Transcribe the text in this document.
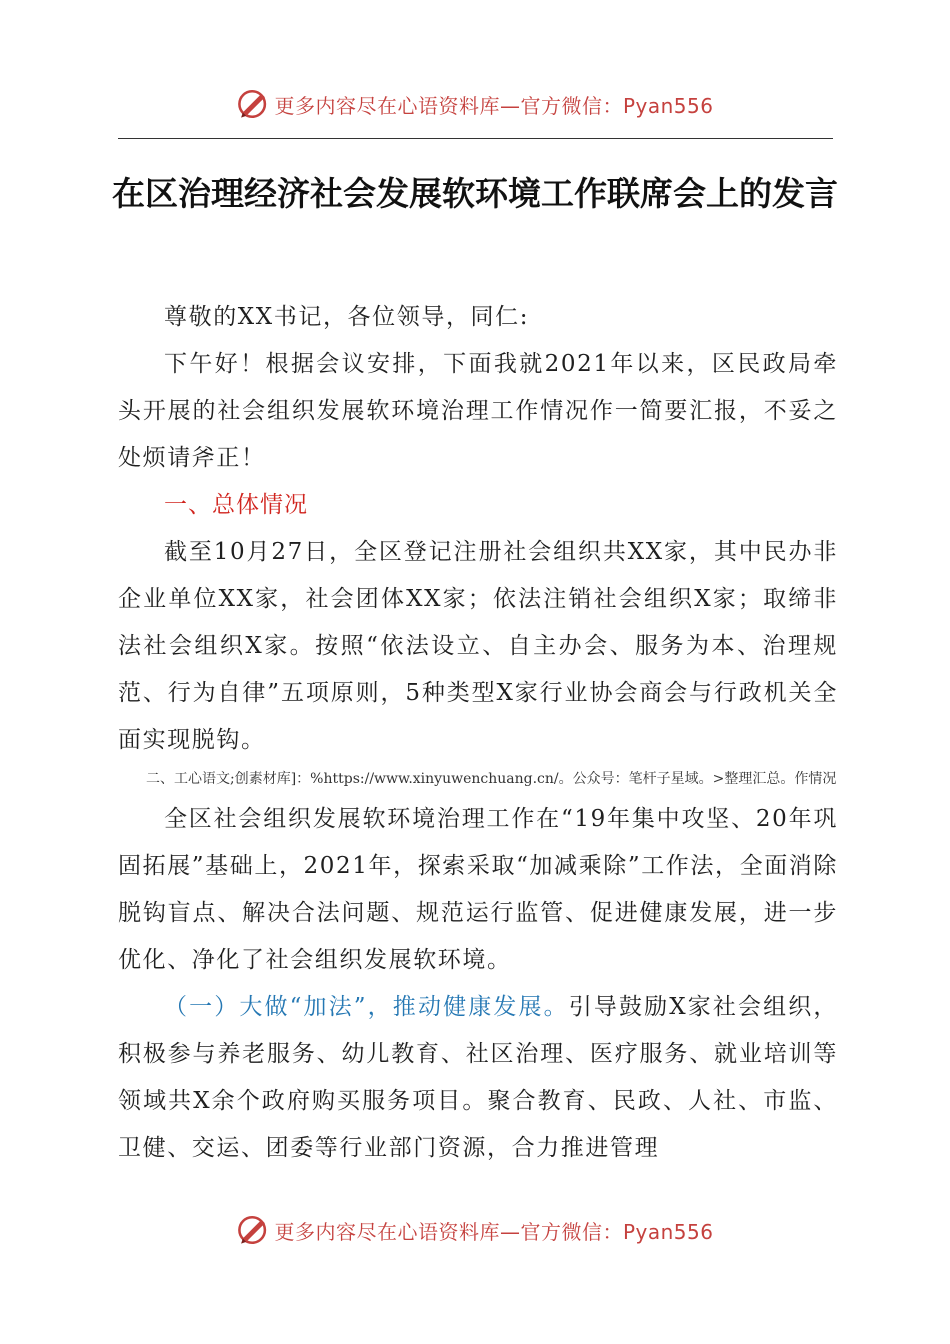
更多内容尽在心语资料库—官方微信：Pyan556
在区治理经济社会发展软环境工作联席会上的发言

尊敬的XX书记，各位领导，同仁:

下午好！根据会议安排，下面我就2021年以来，区民政局牵头开展的社会组织发展软环境治理工作情况作一简要汇报，不妥之处烦请斧正！

一、总体情况

截至10月27日，全区登记注册社会组织共XX家，其中民办非企业单位XX家，社会团体XX家；依法注销社会组织X家；取缔非法社会组织X家。按照“依法设立、自主办会、服务为本、治理规范、行为自律”五项原则，5种类型X家行业协会商会与行政机关全面实现脱钩。

二、工心语文;创素材库]：%https://www.xinyuwenchuang.cn/。公众号：笔杆子星域。>整理汇总。作情况

全区社会组织发展软环境治理工作在“19年集中攻坚、20年巩固拓展”基础上，2021年，探索采取“加减乘除”工作法，全面消除脱钩盲点、解决合法问题、规范运行监管、促进健康发展，进一步优化、净化了社会组织发展软环境。

（一）大做“加法”，推动健康发展。引导鼓励X家社会组织，积极参与养老服务、幼儿教育、社区治理、医疗服务、就业培训等领域共X余个政府购买服务项目。聚合教育、民政、人社、市监、卫健、交运、团委等行业部门资源，合力推进管理

更多内容尽在心语资料库—官方微信：Pyan556
